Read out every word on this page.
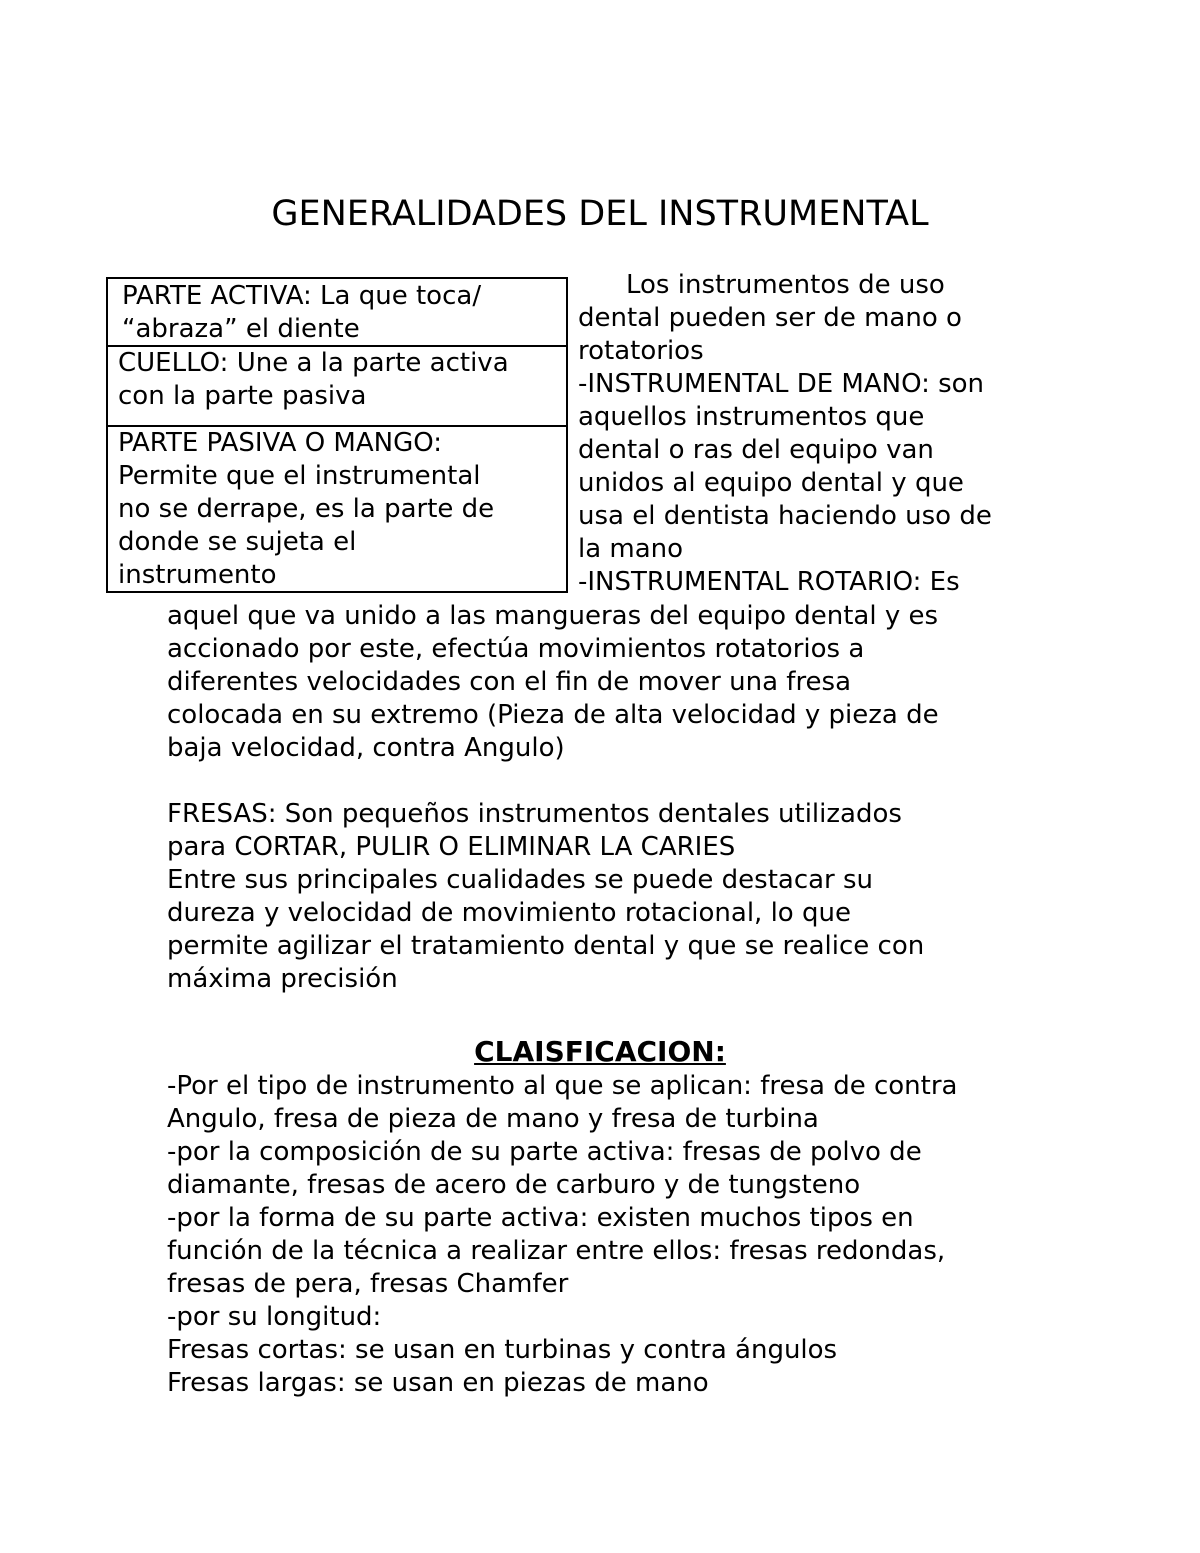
GENERALIDADES DEL INSTRUMENTAL
PARTE ACTIVA: La que toca/
“abraza” el diente
CUELLO: Une a la parte activa
con la parte pasiva
PARTE PASIVA O MANGO:
Permite que el instrumental
no se derrape, es la parte de
donde se sujeta el
instrumento
Los instrumentos de uso
dental pueden ser de mano o
rotatorios
-INSTRUMENTAL DE MANO: son
aquellos instrumentos que
dental o ras del equipo van
unidos al equipo dental y que
usa el dentista haciendo uso de
la mano
-INSTRUMENTAL ROTARIO: Es
aquel que va unido a las mangueras del equipo dental y es
accionado por este, efectúa movimientos rotatorios a
diferentes velocidades con el fin de mover una fresa
colocada en su extremo (Pieza de alta velocidad y pieza de
baja velocidad, contra Angulo)
FRESAS: Son pequeños instrumentos dentales utilizados
para CORTAR, PULIR O ELIMINAR LA CARIES
Entre sus principales cualidades se puede destacar su
dureza y velocidad de movimiento rotacional, lo que
permite agilizar el tratamiento dental y que se realice con
máxima precisión
CLAISFICACION:
-Por el tipo de instrumento al que se aplican: fresa de contra
Angulo, fresa de pieza de mano y fresa de turbina
-por la composición de su parte activa: fresas de polvo de
diamante, fresas de acero de carburo y de tungsteno
-por la forma de su parte activa: existen muchos tipos en
función de la técnica a realizar entre ellos: fresas redondas,
fresas de pera, fresas Chamfer
-por su longitud:
Fresas cortas: se usan en turbinas y contra ángulos
Fresas largas: se usan en piezas de mano
